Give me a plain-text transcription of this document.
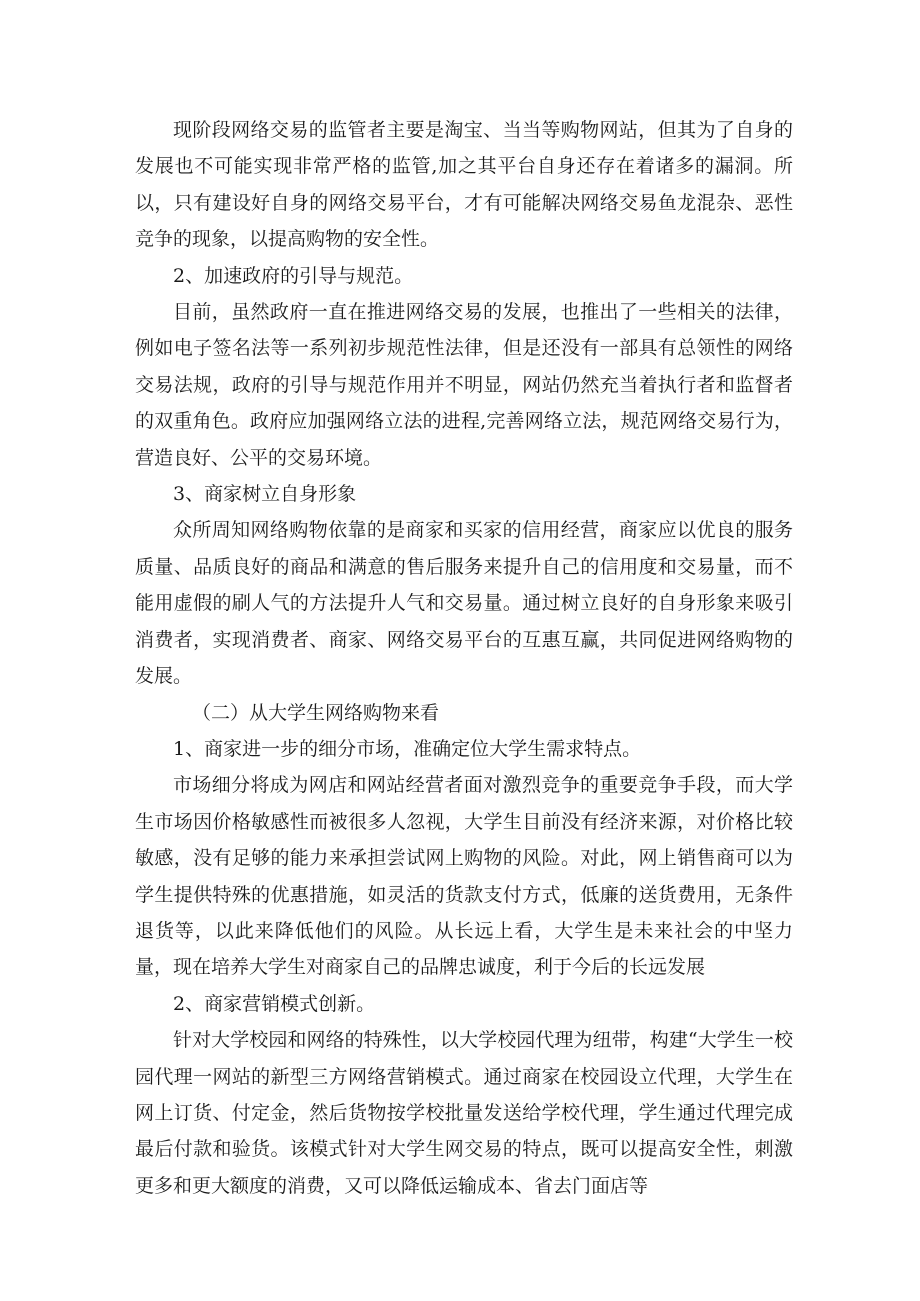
现阶段网络交易的监管者主要是淘宝、当当等购物网站，但其为了自身的发展也不可能实现非常严格的监管,加之其平台自身还存在着诸多的漏洞。所以，只有建设好自身的网络交易平台，才有可能解决网络交易鱼龙混杂、恶性竞争的现象，以提高购物的安全性。

2、加速政府的引导与规范。

目前，虽然政府一直在推进网络交易的发展，也推出了一些相关的法律，例如电子签名法等一系列初步规范性法律，但是还没有一部具有总领性的网络交易法规，政府的引导与规范作用并不明显，网站仍然充当着执行者和监督者的双重角色。政府应加强网络立法的进程,完善网络立法，规范网络交易行为，营造良好、公平的交易环境。

3、商家树立自身形象

众所周知网络购物依靠的是商家和买家的信用经营，商家应以优良的服务质量、品质良好的商品和满意的售后服务来提升自己的信用度和交易量，而不能用虚假的刷人气的方法提升人气和交易量。通过树立良好的自身形象来吸引消费者，实现消费者、商家、网络交易平台的互惠互赢，共同促进网络购物的发展。

（二）从大学生网络购物来看

1、商家进一步的细分市场，准确定位大学生需求特点。

市场细分将成为网店和网站经营者面对激烈竞争的重要竞争手段，而大学生市场因价格敏感性而被很多人忽视，大学生目前没有经济来源，对价格比较敏感，没有足够的能力来承担尝试网上购物的风险。对此，网上销售商可以为学生提供特殊的优惠措施，如灵活的货款支付方式，低廉的送货费用，无条件退货等，以此来降低他们的风险。从长远上看，大学生是未来社会的中坚力量，现在培养大学生对商家自己的品牌忠诚度，利于今后的长远发展

2、商家营销模式创新。

针对大学校园和网络的特殊性，以大学校园代理为纽带，构建“大学生一校园代理一网站的新型三方网络营销模式。通过商家在校园设立代理，大学生在网上订货、付定金，然后货物按学校批量发送给学校代理，学生通过代理完成最后付款和验货。该模式针对大学生网交易的特点，既可以提高安全性，刺激更多和更大额度的消费，又可以降低运输成本、省去门面店等
